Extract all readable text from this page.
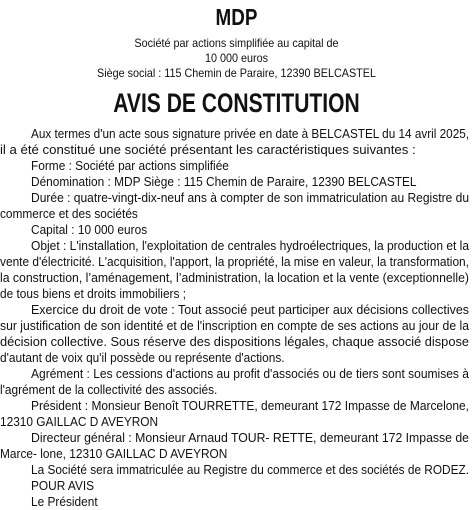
MDP
Société par actions simplifiée au capital de
10 000 euros
Siège social : 115 Chemin de Paraire, 12390 BELCASTEL
AVIS DE CONSTITUTION
Aux termes d'un acte sous signature privée en date à BELCASTEL du 14 avril 2025,
il a été constitué une société présentant les caractéristiques suivantes :
Forme : Société par actions simplifiée
Dénomination : MDP Siège : 115 Chemin de Paraire, 12390 BELCASTEL
Durée : quatre-vingt-dix-neuf ans à compter de son immatriculation au Registre du
commerce et des sociétés
Capital : 10 000 euros
Objet : L'installation, l'exploitation de centrales hydroélectriques, la production et la
vente d'électricité. L'acquisition, l'apport, la propriété, la mise en valeur, la transformation,
la construction, l’aménagement, l’administration, la location et la vente (exceptionnelle)
de tous biens et droits immobiliers ;
Exercice du droit de vote : Tout associé peut participer aux décisions collectives
sur justification de son identité et de l'inscription en compte de ses actions au jour de la
décision collective. Sous réserve des dispositions légales, chaque associé dispose
d'autant de voix qu'il possède ou représente d'actions.
Agrément : Les cessions d'actions au profit d'associés ou de tiers sont soumises à
l'agrément de la collectivité des associés.
Président : Monsieur Benoît TOURRETTE, demeurant 172 Impasse de Marcelone,
12310 GAILLAC D AVEYRON
Directeur général : Monsieur Arnaud TOUR- RETTE, demeurant 172 Impasse de
Marce- lone, 12310 GAILLAC D AVEYRON
La Société sera immatriculée au Registre du commerce et des sociétés de RODEZ.
POUR AVIS
Le Président
